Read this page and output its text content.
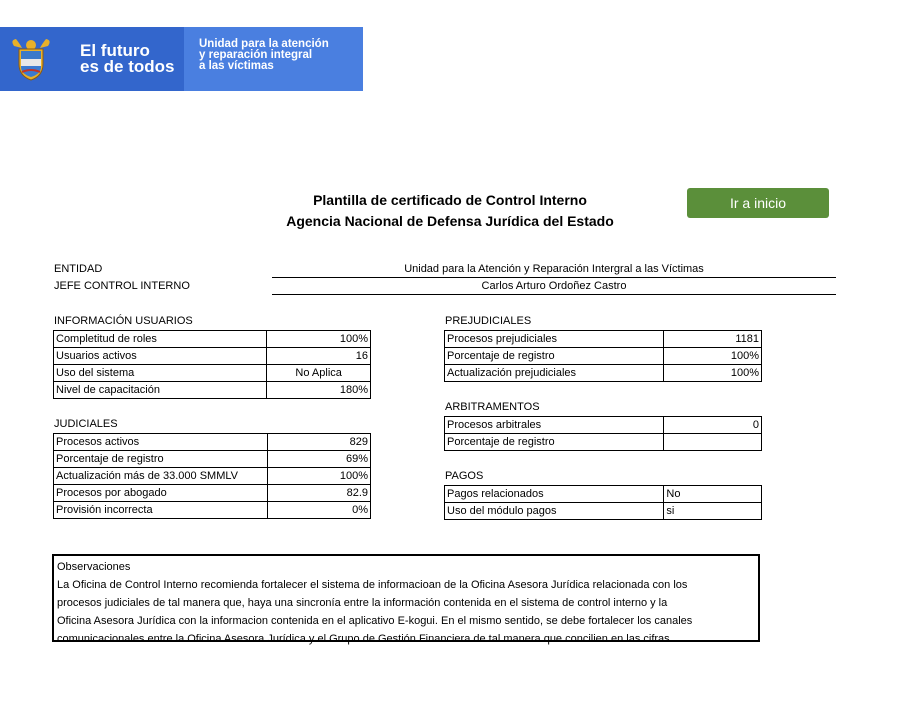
El futuro
es de todos
Unidad para la atención
y reparación integral
a las víctimas
Plantilla de certificado de Control Interno
Agencia Nacional de Defensa Jurídica del Estado
Ir a inicio
ENTIDAD	Unidad para la Atención y Reparación Intergral a las Víctimas
JEFE CONTROL INTERNO	Carlos Arturo Ordoñez Castro
INFORMACIÓN USUARIOS
Completitud de roles	100%
Usuarios activos	16
Uso del sistema	No Aplica
Nivel de capacitación	180%
JUDICIALES
Procesos activos	829
Porcentaje de registro	69%
Actualización más de 33.000 SMMLV	100%
Procesos por abogado	82.9
Provisión incorrecta	0%
PREJUDICIALES
Procesos prejudiciales	1181
Porcentaje de registro	100%
Actualización prejudiciales	100%
ARBITRAMENTOS
Procesos arbitrales	0
Porcentaje de registro	
PAGOS
Pagos relacionados	No
Uso del módulo pagos	si
Observaciones
La Oficina de Control Interno recomienda fortalecer el sistema de informacioan de la Oficina Asesora Jurídica relacionada con los
procesos judiciales de tal manera que, haya una sincronía entre la información contenida en el sistema de control interno y la
Oficina Asesora Jurídica con la informacion contenida en el aplicativo E-kogui. En el mismo sentido, se debe fortalecer los canales
comunicacionales entre la Oficina Asesora Jurídica y el Grupo de Gestión Financiera de tal manera que concilien en las cifras
